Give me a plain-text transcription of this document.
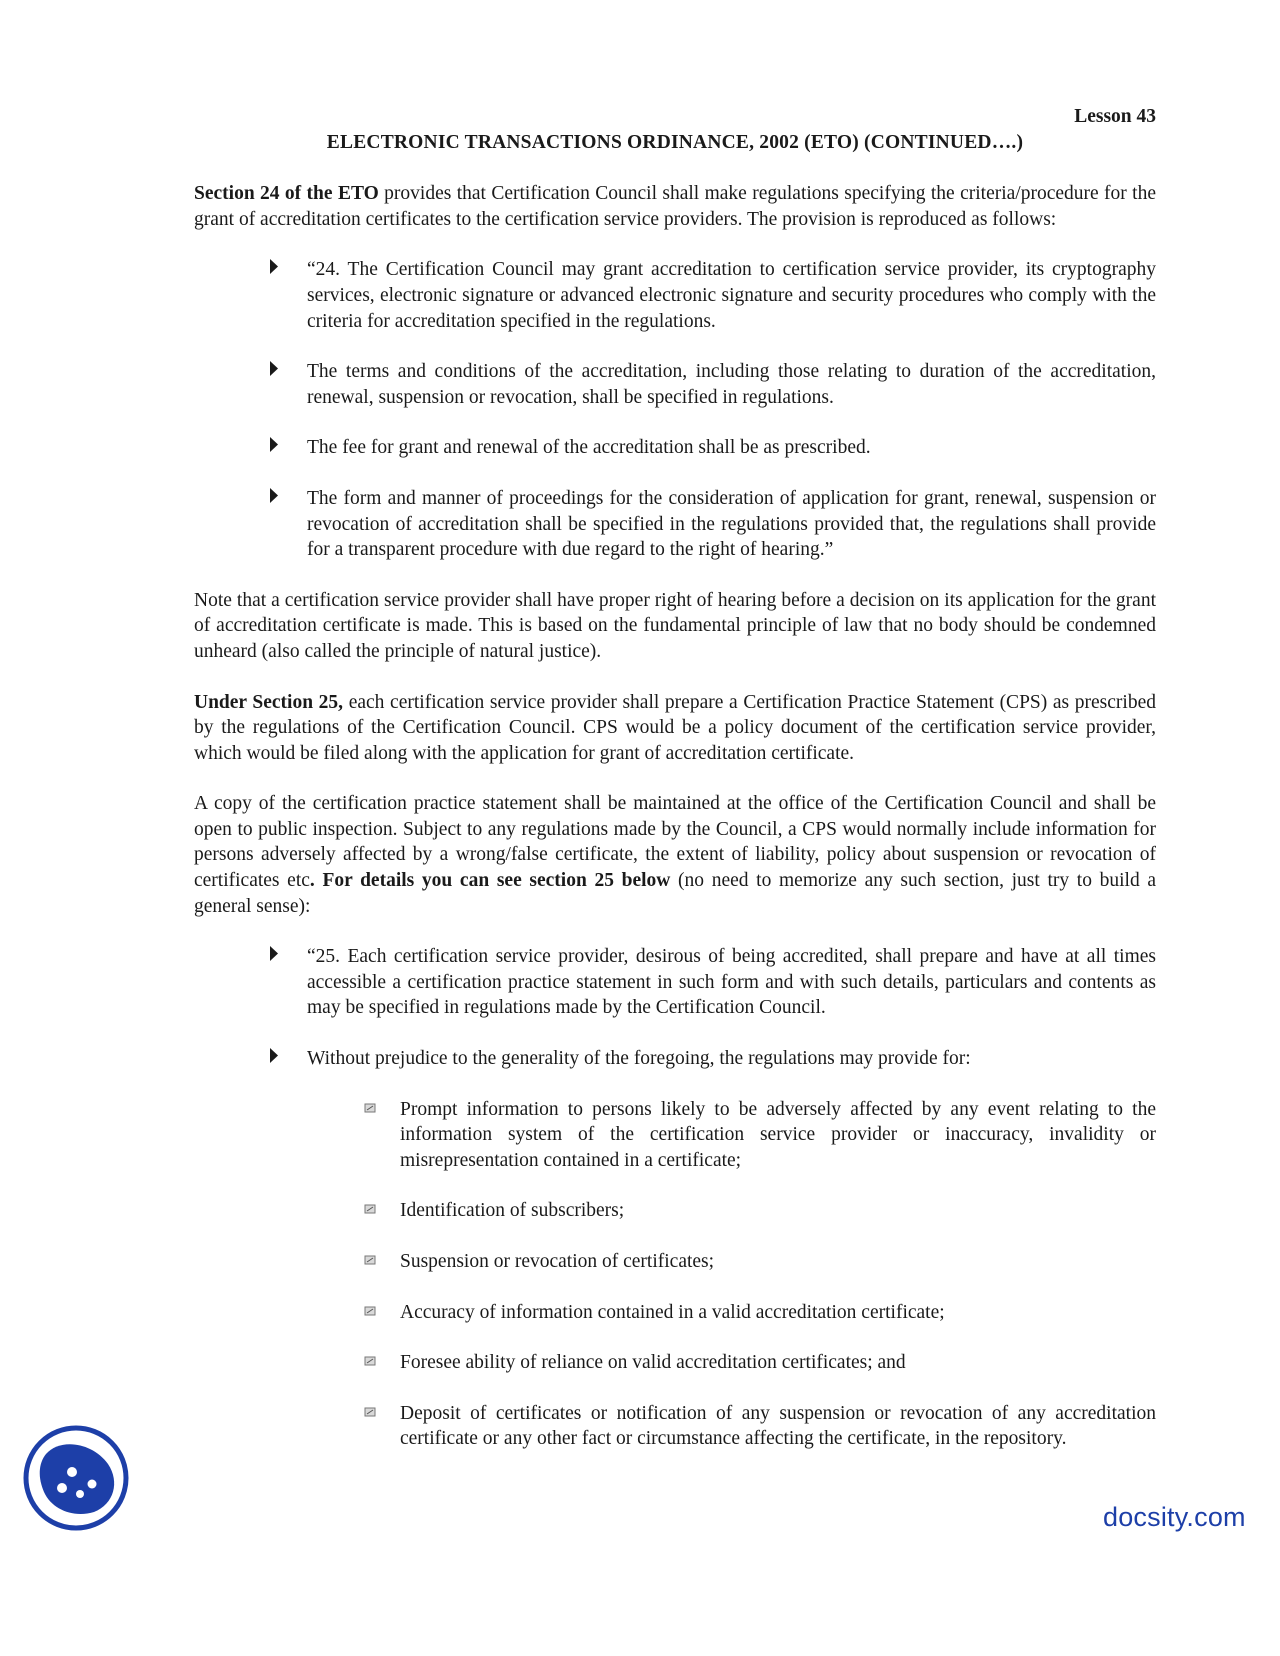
Lesson 43

ELECTRONIC TRANSACTIONS ORDINANCE, 2002 (ETO) (CONTINUED….)

Section 24 of the ETO provides that Certification Council shall make regulations specifying the criteria/procedure for the grant of accreditation certificates to the certification service providers. The provision is reproduced as follows:

“24. The Certification Council may grant accreditation to certification service provider, its cryptography services, electronic signature or advanced electronic signature and security procedures who comply with the criteria for accreditation specified in the regulations.
The terms and conditions of the accreditation, including those relating to duration of the accreditation, renewal, suspension or revocation, shall be specified in regulations.
The fee for grant and renewal of the accreditation shall be as prescribed.
The form and manner of proceedings for the consideration of application for grant, renewal, suspension or revocation of accreditation shall be specified in the regulations provided that, the regulations shall provide for a transparent procedure with due regard to the right of hearing.”

Note that a certification service provider shall have proper right of hearing before a decision on its application for the grant of accreditation certificate is made. This is based on the fundamental principle of law that no body should be condemned unheard (also called the principle of natural justice).

Under Section 25, each certification service provider shall prepare a Certification Practice Statement (CPS) as prescribed by the regulations of the Certification Council. CPS would be a policy document of the certification service provider, which would be filed along with the application for grant of accreditation certificate.

A copy of the certification practice statement shall be maintained at the office of the Certification Council and shall be open to public inspection. Subject to any regulations made by the Council, a CPS would normally include information for persons adversely affected by a wrong/false certificate, the extent of liability, policy about suspension or revocation of certificates etc. For details you can see section 25 below (no need to memorize any such section, just try to build a general sense):

“25. Each certification service provider, desirous of being accredited, shall prepare and have at all times accessible a certification practice statement in such form and with such details, particulars and contents as may be specified in regulations made by the Certification Council.
Without prejudice to the generality of the foregoing, the regulations may provide for:
Prompt information to persons likely to be adversely affected by any event relating to the information system of the certification service provider or inaccuracy, invalidity or misrepresentation contained in a certificate;
Identification of subscribers;
Suspension or revocation of certificates;
Accuracy of information contained in a valid accreditation certificate;
Foresee ability of reliance on valid accreditation certificates; and
Deposit of certificates or notification of any suspension or revocation of any accreditation certificate or any other fact or circumstance affecting the certificate, in the repository.
docsity.com
